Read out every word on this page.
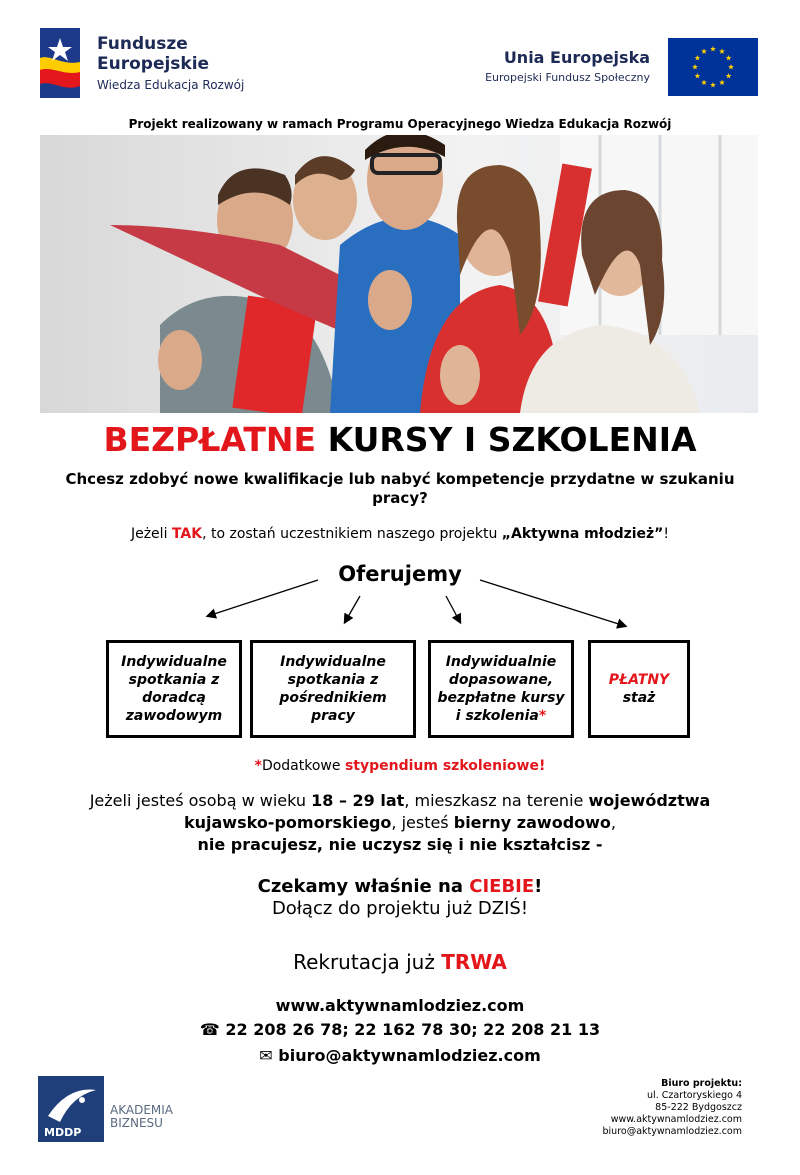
Fundusze
Europejskie
Wiedza Edukacja Rozwój
Unia Europejska
Europejski Fundusz Społeczny
Projekt realizowany w ramach Programu Operacyjnego Wiedza Edukacja Rozwój
BEZPŁATNE KURSY I SZKOLENIA
Chcesz zdobyć nowe kwalifikacje lub nabyć kompetencje przydatne w szukaniu pracy?
Jeżeli TAK, to zostań uczestnikiem naszego projektu „Aktywna młodzież”!
Oferujemy
Indywidualne spotkania z doradcą zawodowym
Indywidualne spotkania z pośrednikiem pracy
Indywidualnie dopasowane, bezpłatne kursy i szkolenia*
PŁATNY
staż
*Dodatkowe stypendium szkoleniowe!
Jeżeli jesteś osobą w wieku 18 – 29 lat, mieszkasz na terenie województwa
kujawsko-pomorskiego, jesteś bierny zawodowo,
nie pracujesz, nie uczysz się i nie kształcisz -
Czekamy właśnie na CIEBIE!
Dołącz do projektu już DZIŚ!
Rekrutacja już TRWA
www.aktywnamlodziez.com
☎ 22 208 26 78; 22 162 78 30; 22 208 21 13
✉ biuro@aktywnamlodziez.com
MDDP
AKADEMIA
BIZNESU
Biuro projektu:
ul. Czartoryskiego 4
85-222 Bydgoszcz
www.aktywnamlodziez.com
biuro@aktywnamlodziez.com
